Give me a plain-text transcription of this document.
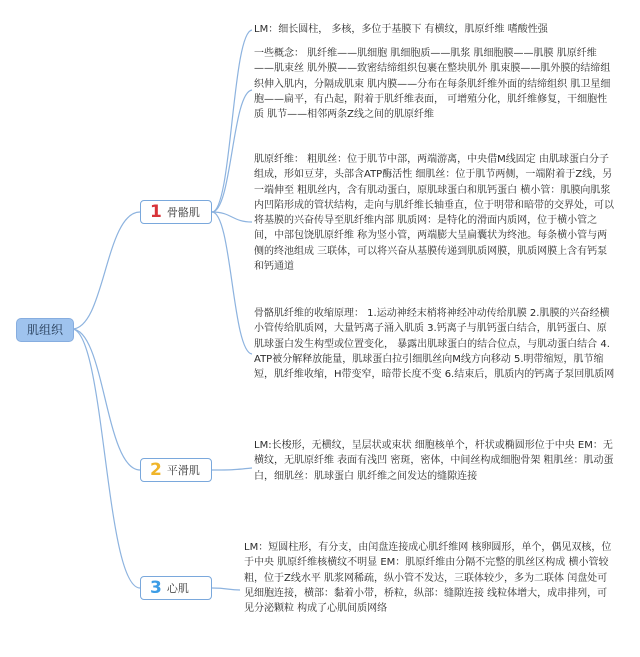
肌组织
1 骨骼肌
2 平滑肌
3 心肌

LM：细长圆柱， 多核，多位于基膜下 有横纹，肌原纤维 嗜酸性强

一些概念： 肌纤维——肌细胞 肌细胞质——肌浆 肌细胞膜——肌膜 肌原纤维——肌束丝 肌外膜——致密结缔组织包裹在整块肌外 肌束膜——肌外膜的结缔组织伸入肌内，分隔成肌束 肌内膜——分布在每条肌纤维外面的结缔组织 肌卫星细胞——扁平，有凸起，附着于肌纤维表面， 可增殖分化，肌纤维修复，干细胞性质 肌节——相邻两条Z线之间的肌原纤维

肌原纤维： 粗肌丝：位于肌节中部，两端游离，中央借M线固定 由肌球蛋白分子组成，形如豆芽，头部含ATP酶活性 细肌丝：位于肌节两侧，一端附着于Z线，另一端伸至 粗肌丝内，含有肌动蛋白，原肌球蛋白和肌钙蛋白 横小管：肌膜向肌浆内凹陷形成的管状结构，走向与肌纤维长轴垂直，位于明带和暗带的交界处，可以将基膜的兴奋传导至肌纤维内部 肌质网：是特化的滑面内质网，位于横小管之间，中部包饶肌原纤维 称为竖小管，两端膨大呈扁囊状为终池。每条横小管与两侧的终池组成 三联体，可以将兴奋从基膜传递到肌质网膜，肌质网膜上含有钙泵和钙通道

骨骼肌纤维的收缩原理： 1.运动神经末梢将神经冲动传给肌膜 2.肌膜的兴奋经横小管传给肌质网，大量钙离子涌入肌质 3.钙离子与肌钙蛋白结合，肌钙蛋白、原肌球蛋白发生构型或位置变化， 暴露出肌球蛋白的结合位点，与肌动蛋白结合 4.ATP被分解释放能量，肌球蛋白拉引细肌丝向M线方向移动 5.明带缩短，肌节缩短，肌纤维收缩，H带变窄，暗带长度不变 6.结束后，肌质内的钙离子泵回肌质网

LM:长梭形，无横纹，呈层状或束状 细胞核单个，杆状或椭圆形位于中央 EM：无横纹，无肌原纤维 表面有浅凹 密斑，密体，中间丝构成细胞骨架 粗肌丝：肌动蛋白，细肌丝：肌球蛋白 肌纤维之间发达的缝隙连接

LM：短圆柱形，有分支，由闰盘连接成心肌纤维网 核卵圆形，单个，偶见双核，位于中央 肌原纤维核横纹不明显 EM：肌原纤维由分隔不完整的肌丝区构成 横小管较粗，位于Z线水平 肌浆网稀疏，纵小管不发达，三联体较少，多为二联体 闰盘处可见细胞连接，横部：黏着小带，桥粒，纵部：缝隙连接 线粒体增大，成串排列，可见分泌颗粒 构成了心肌间质网络
